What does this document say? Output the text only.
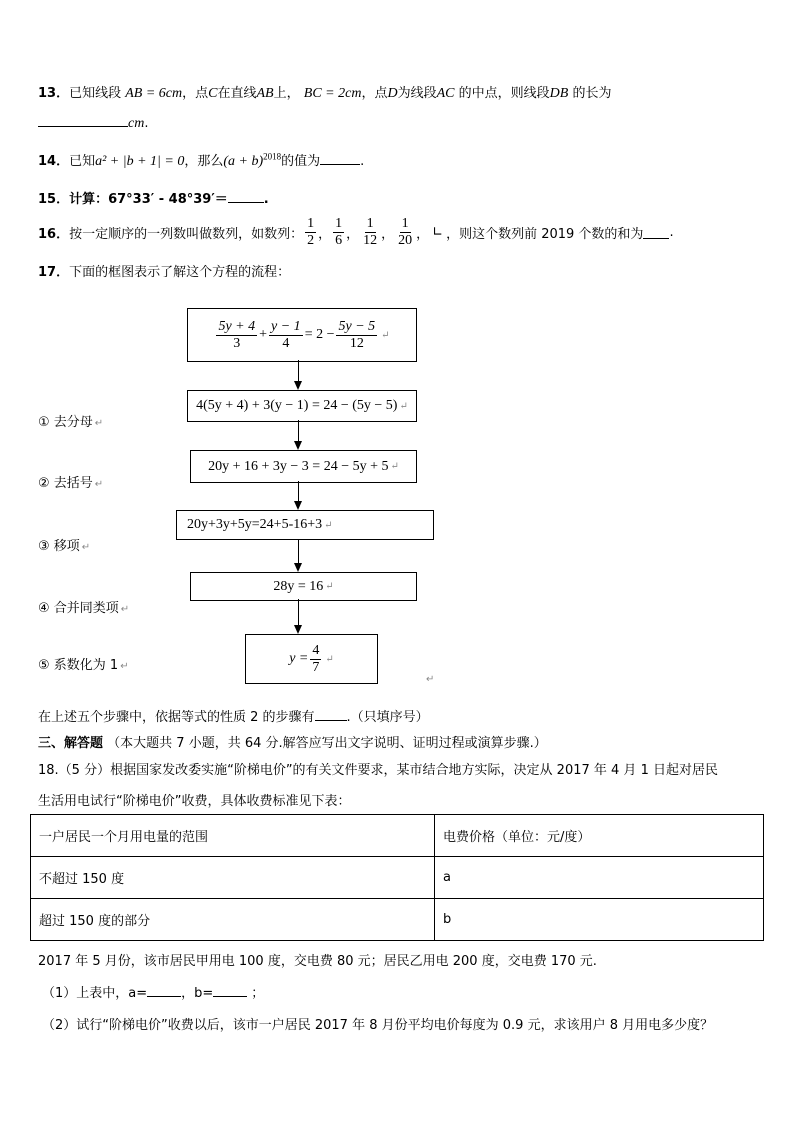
13．已知线段 AB = 6cm，点C在直线AB上， BC = 2cm，点D为线段AC 的中点，则线段DB 的长为
cm.
14．已知a² + |b + 1| = 0，那么$(a + b)^{2018}$的值为	.
15．计算：67°33′ - 48°39′＝	.
16． 按一定顺序的一列数叫做数列，如数列： $\frac{1}{2}$ ， $\frac{1}{6}$ ， $\frac{1}{12}$ ， $\frac{1}{20}$ ， ∟ ，则这个数列前 2019 个数的和为 .
17．下面的框图表示了解这个方程的流程：
$\frac{5y + 4}{3} + \frac{y - 1}{4} = 2 - \frac{5y - 5}{12}$ ↵
4(5y + 4) + 3(y − 1) = 24 − (5y − 5) ↵
20y + 16 + 3y − 3 = 24 − 5y + 5 ↵
20y+3y+5y=24+5-16+3 ↵
28y = 16 ↵
$y = \frac{4}{7}$ ↵
↵
① 去分母 ↵
② 去括号 ↵
③ 移项 ↵
④ 合并同类项 ↵
⑤ 系数化为 1 ↵
在上述五个步骤中，依据等式的性质 2 的步骤有 .（只填序号）
三、解答题 （本大题共 7 小题，共 64 分.解答应写出文字说明、证明过程或演算步骤.）
18.（5 分）根据国家发改委实施“阶梯电价”的有关文件要求，某市结合地方实际，决定从 2017 年 4 月 1 日起对居民
生活用电试行“阶梯电价”收费，具体收费标准见下表：
一户居民一个月用电量的范围	电费价格（单位：元/度）
不超过 150 度	a
超过 150 度的部分	b
2017 年 5 月份，该市居民甲用电 100 度，交电费 80 元；居民乙用电 200 度，交电费 170 元.
（1）上表中，a=	，b=	；
（2）试行“阶梯电价”收费以后，该市一户居民 2017 年 8 月份平均电价每度为 0.9 元，求该用户 8 月用电多少度？
